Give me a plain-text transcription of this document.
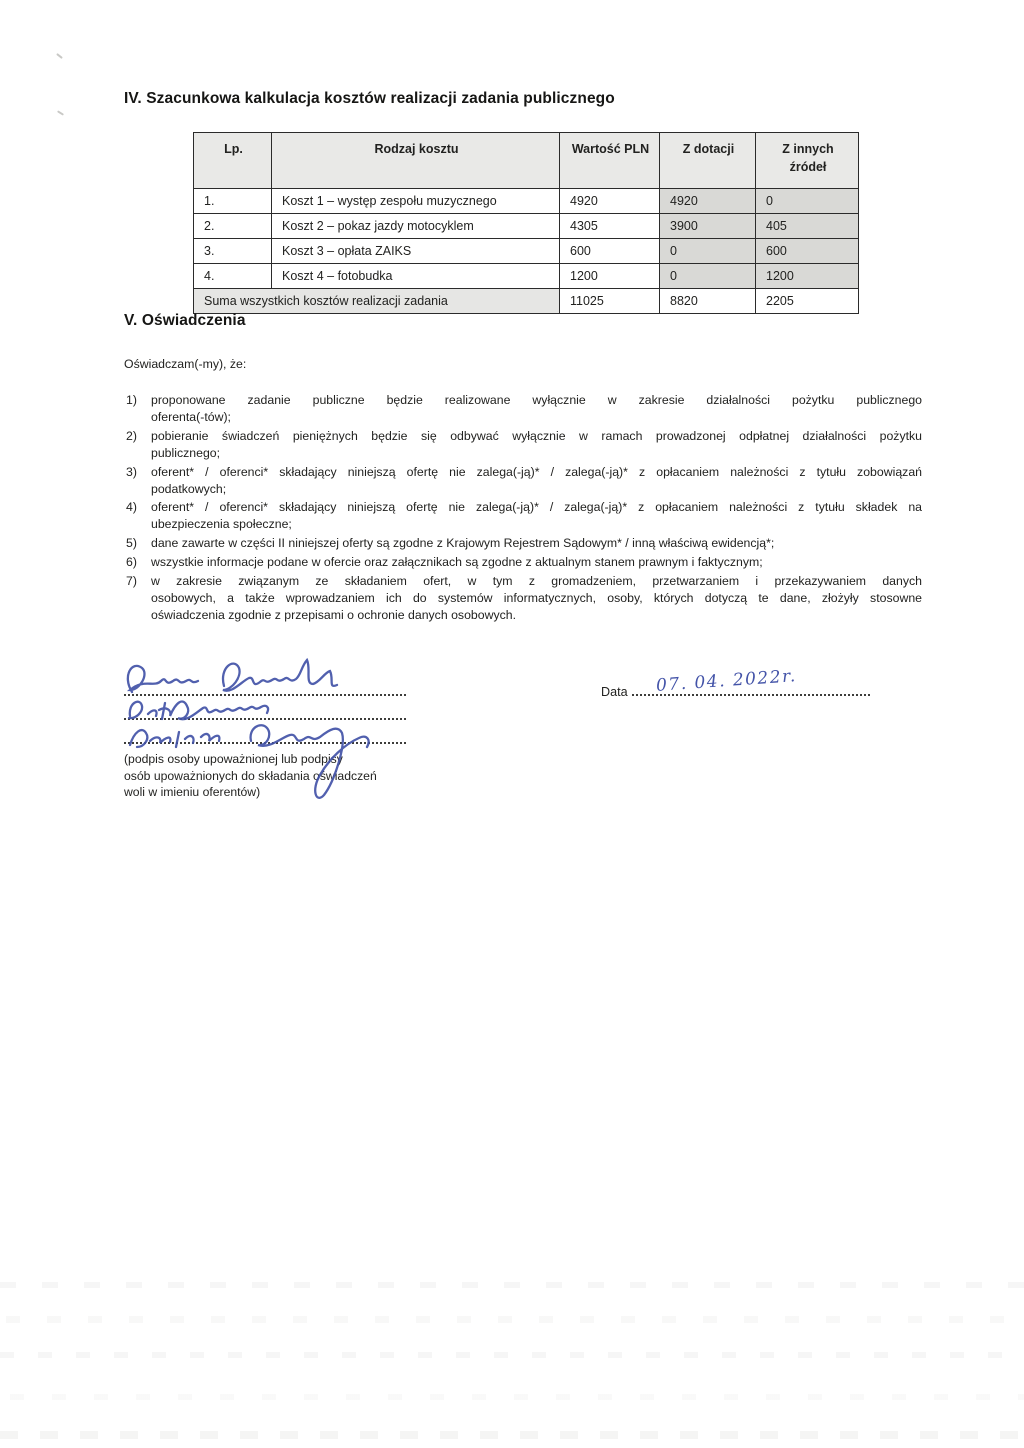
IV. Szacunkowa kalkulacja kosztów realizacji zadania publicznego
Lp.	Rodzaj kosztu	Wartość PLN	Z dotacji	Z innych źródeł
1.	Koszt 1 – występ zespołu muzycznego	4920	4920	0
2.	Koszt 2 – pokaz jazdy motocyklem	4305	3900	405
3.	Koszt 3 – opłata ZAIKS	600	0	600
4.	Koszt 4 – fotobudka	1200	0	1200
Suma wszystkich kosztów realizacji zadania		11025	8820	2205
V. Oświadczenia
Oświadczam(-my), że:
1) proponowane zadanie publiczne będzie realizowane wyłącznie w zakresie działalności pożytku publicznego
oferenta(-tów);
2) pobieranie świadczeń pieniężnych będzie się odbywać wyłącznie w ramach prowadzonej odpłatnej działalności pożytku
publicznego;
3) oferent* / oferenci* składający niniejszą ofertę nie zalega(-ją)* / zalega(-ją)* z opłacaniem należności z tytułu zobowiązań
podatkowych;
4) oferent* / oferenci* składający niniejszą ofertę nie zalega(-ją)* / zalega(-ją)* z opłacaniem należności z tytułu składek na
ubezpieczenia społeczne;
5) dane zawarte w części II niniejszej oferty są zgodne z Krajowym Rejestrem Sądowym* / inną właściwą ewidencją*;
6) wszystkie informacje podane w ofercie oraz załącznikach są zgodne z aktualnym stanem prawnym i faktycznym;
7) w zakresie związanym ze składaniem ofert, w tym z gromadzeniem, przetwarzaniem i przekazywaniem danych
osobowych, a także wprowadzaniem ich do systemów informatycznych, osoby, których dotyczą te dane, złożyły stosowne
oświadczenia zgodnie z przepisami o ochronie danych osobowych.
(podpis osoby upoważnionej lub podpisy
osób upoważnionych do składania oświadczeń
woli w imieniu oferentów)
Data 07. 04. 2022r.
